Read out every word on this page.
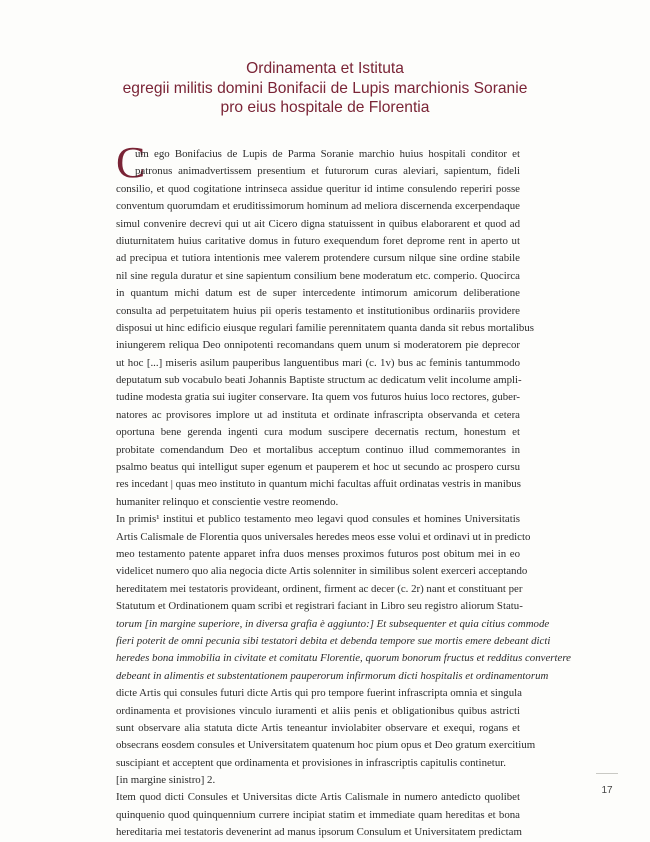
Ordinamenta et Istituta
egregii militis domini Bonifacii de Lupis marchionis Soranie
pro eius hospitale de Florentia
C
um ego Bonifacius de Lupis de Parma Soranie marchio huius hospitali conditor et
patronus animadvertissem presentium et futurorum curas aleviari, sapientum, fideli
consilio, et quod cogitatione intrinseca assidue queritur id intime consulendo reperiri posse
conventum quorumdam et eruditissimorum hominum ad meliora discernenda excerpendaque
simul convenire decrevi qui ut ait Cicero digna statuissent in quibus elaborarent et quod ad
diuturnitatem huius caritative domus in futuro exequendum foret deprome rent in aperto ut
ad precipua et tutiora intentionis mee valerem protendere cursum nilque sine ordine stabile
nil sine regula duratur et sine sapientum consilium bene moderatum etc. comperio. Quocirca
in quantum michi datum est de super intercedente intimorum amicorum deliberatione
consulta ad perpetuitatem huius pii operis testamento et institutionibus ordinariis providere
disposui ut hinc edificio eiusque regulari familie perennitatem quanta danda sit rebus mortalibus
iniungerem reliqua Deo onnipotenti recomandans quem unum si moderatorem pie deprecor
ut hoc [...] miseris asilum pauperibus languentibus mari (c. 1v) bus ac feminis tantummodo
deputatum sub vocabulo beati Johannis Baptiste structum ac dedicatum velit incolume ampli-
tudine modesta gratia sui iugiter conservare. Ita quem vos futuros huius loco rectores, guber-
natores ac provisores implore ut ad instituta et ordinate infrascripta observanda et cetera
oportuna bene gerenda ingenti cura modum suscipere decernatis rectum, honestum et
probitate comendandum Deo et mortalibus acceptum continuo illud commemorantes in
psalmo beatus qui intelligut super egenum et pauperem et hoc ut secundo ac prospero cursu
res incedant | quas meo instituto in quantum michi facultas affuit ordinatas vestris in manibus
humaniter relinquo et conscientie vestre reomendo.
In primis¹ institui et publico testamento meo legavi quod consules et homines Universitatis
Artis Calismale de Florentia quos universales heredes meos esse volui et ordinavi ut in predicto
meo testamento patente apparet infra duos menses proximos futuros post obitum mei in eo
videlicet numero quo alia negocia dicte Artis solenniter in similibus solent exerceri acceptando
hereditatem mei testatoris provideant, ordinent, firment ac decer (c. 2r) nant et constituant per
Statutum et Ordinationem quam scribi et registrari faciant in Libro seu registro aliorum Statu-
torum [in margine superiore, in diversa grafia è aggiunto:] Et subsequenter et quia citius commode
fieri poterit de omni pecunia sibi testatori debita et debenda tempore sue mortis emere debeant dicti
heredes bona immobilia in civitate et comitatu Florentie, quorum bonorum fructus et redditus convertere
debeant in alimentis et substentationem pauperorum infirmorum dicti hospitalis et ordinamentorum
dicte Artis qui consules futuri dicte Artis qui pro tempore fuerint infrascripta omnia et singula
ordinamenta et provisiones vinculo iuramenti et aliis penis et obligationibus quibus astricti
sunt observare alia statuta dicte Artis teneantur inviolabiter observare et exequi, rogans et
obsecrans eosdem consules et Universitatem quatenum hoc pium opus et Deo gratum exercitium
suscipiant et acceptent que ordinamenta et provisiones in infrascriptis capitulis continetur.
[in margine sinistro] 2.
Item quod dicti Consules et Universitas dicte Artis Calismale in numero antedicto quolibet
quinquenio quod quinquennium currere incipiat statim et immediate quam hereditas et bona
hereditaria mei testatoris devenerint ad manus ipsorum Consulum et Universitatem predictam
17
